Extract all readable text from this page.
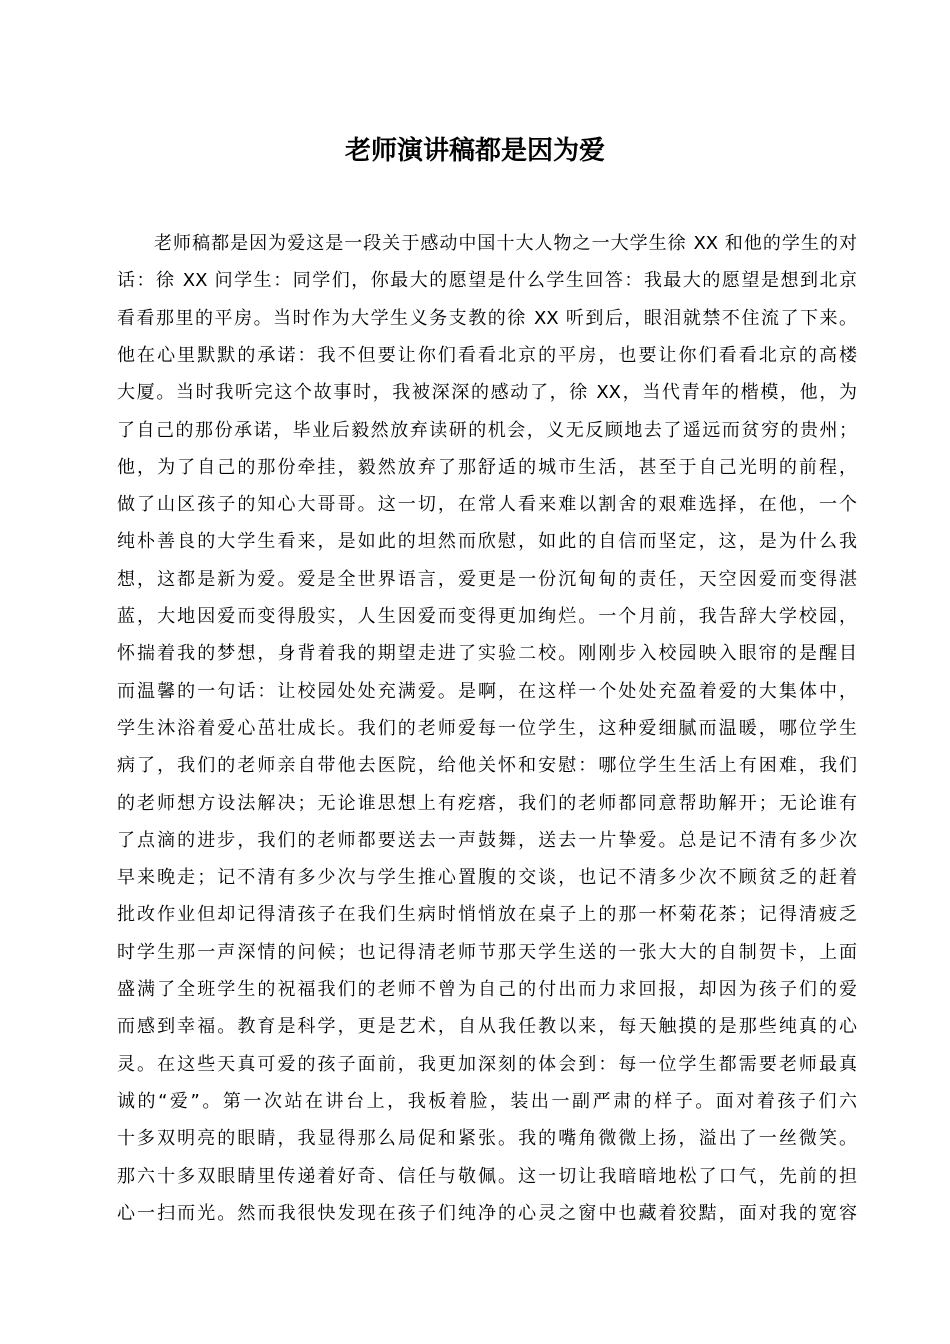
老师演讲稿都是因为爱
　老师稿都是因为爱这是一段关于感动中国十大人物之一大学生徐 XX 和他的学生的对
话：徐 XX 问学生：同学们，你最大的愿望是什么学生回答：我最大的愿望是想到北京
看看那里的平房。当时作为大学生义务支教的徐 XX 听到后，眼泪就禁不住流了下来。
他在心里默默的承诺：我不但要让你们看看北京的平房，也要让你们看看北京的高楼
大厦。当时我听完这个故事时，我被深深的感动了，徐 XX，当代青年的楷模，他，为
了自己的那份承诺，毕业后毅然放弃读研的机会，义无反顾地去了遥远而贫穷的贵州；
他，为了自己的那份牵挂，毅然放弃了那舒适的城市生活，甚至于自己光明的前程，
做了山区孩子的知心大哥哥。这一切，在常人看来难以割舍的艰难选择，在他，一个
纯朴善良的大学生看来，是如此的坦然而欣慰，如此的自信而坚定，这，是为什么我
想，这都是新为爱。爱是全世界语言，爱更是一份沉甸甸的责任，天空因爱而变得湛
蓝，大地因爱而变得殷实，人生因爱而变得更加绚烂。一个月前，我告辞大学校园，
怀揣着我的梦想，身背着我的期望走进了实验二校。刚刚步入校园映入眼帘的是醒目
而温馨的一句话：让校园处处充满爱。是啊，在这样一个处处充盈着爱的大集体中，
学生沐浴着爱心茁壮成长。我们的老师爱每一位学生，这种爱细腻而温暖，哪位学生
病了，我们的老师亲自带他去医院，给他关怀和安慰：哪位学生生活上有困难，我们
的老师想方设法解决；无论谁思想上有疙瘩，我们的老师都同意帮助解开；无论谁有
了点滴的进步，我们的老师都要送去一声鼓舞，送去一片挚爱。总是记不清有多少次
早来晚走；记不清有多少次与学生推心置腹的交谈，也记不清多少次不顾贫乏的赶着
批改作业但却记得清孩子在我们生病时悄悄放在桌子上的那一杯菊花茶；记得清疲乏
时学生那一声深情的问候；也记得清老师节那天学生送的一张大大的自制贺卡，上面
盛满了全班学生的祝福我们的老师不曾为自己的付出而力求回报，却因为孩子们的爱
而感到幸福。教育是科学，更是艺术，自从我任教以来，每天触摸的是那些纯真的心
灵。在这些天真可爱的孩子面前，我更加深刻的体会到：每一位学生都需要老师最真
诚的“爱”。第一次站在讲台上，我板着脸，装出一副严肃的样子。面对着孩子们六
十多双明亮的眼睛，我显得那么局促和紧张。我的嘴角微微上扬，溢出了一丝微笑。
那六十多双眼睛里传递着好奇、信任与敬佩。这一切让我暗暗地松了口气，先前的担
心一扫而光。然而我很快发现在孩子们纯净的心灵之窗中也藏着狡黠，面对我的宽容
